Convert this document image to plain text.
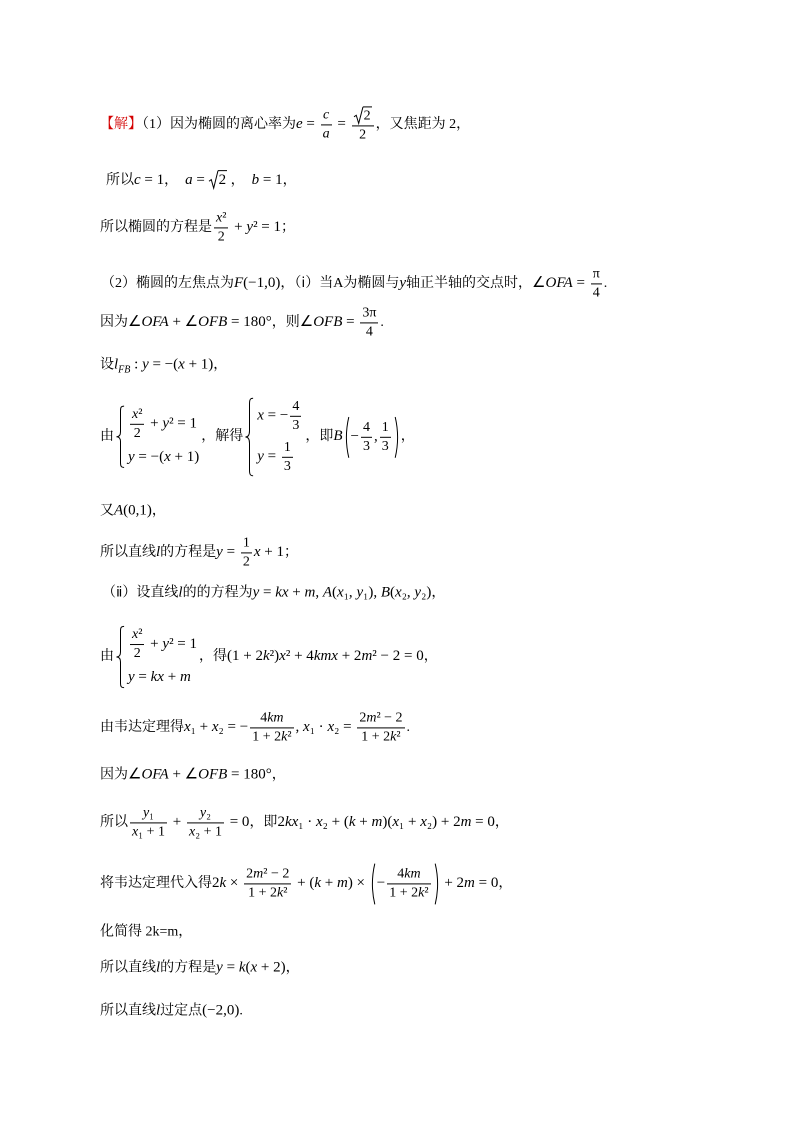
【解】（1）因为椭圆的离心率为$e = \frac{c}{a} = \frac{2}{2}$ ，又焦距为 2，
所以c = 1，  a =
2 ，  b = 1，
所以椭圆的方程是 $\frac{\text{x²}}{2} + y^2 = 1$；
（2）椭圆的左焦点为F(−1,0)，（ⅰ）当A为椭圆与y轴正半轴的交点时，∠OFA = $\frac{\pi}{4}$ .
因为∠OFA + ∠OFB = 180°，则∠OFB = $\frac{3\pi}{4}$ .
设$l_{FB}$ : y = −(x + 1)，
由 $\frac{\text{x²}}{2} + y^2 = 1$
y = −(x + 1)
，解得
x = − $\frac{4}{3}$
$y = \frac{1}{3}$
，即$B - \frac{4}{3}$ , $\frac{1}{3}$ ，
又A(0,1)，
所以直线l的方程是$y = \frac{1}{2}$ x + 1；
（ⅱ）设直线l的的方程为y = kx + m, A(x₁, y₁), B(x₂, y₂)，
由 $\frac{\text{x²}}{2} + y^2 = 1$
y = kx + m
，得(1 + 2k²)x² + 4kmx + 2m² − 2 = 0，
由韦达定理得x₁ + x₂ = − $\frac{4km}{\text{1 + 2k²}}$ , $x_1 \cdot x_2 = \frac{\text{2m² − 2}}{\text{1 + 2k²}}$ .
因为∠OFA + ∠OFB = 180°，
所以 $\frac{\text{y₁}}{\text{x₁ + 1}} + \frac{\text{y₂}}{\text{x₂ + 1}} = 0$，即2kx₁ · x₂ + (k + m)(x₁ + x₂) + 2m = 0，
将韦达定理代入得$2k \times \frac{\text{2m² − 2}}{\text{1 + 2k²}} + (k + m)$ × − $\frac{4km}{\text{1 + 2k²}} + 2m = 0$，
化简得 2k=m，
所以直线l的方程是y = k(x + 2)，
所以直线l过定点(−2,0).
